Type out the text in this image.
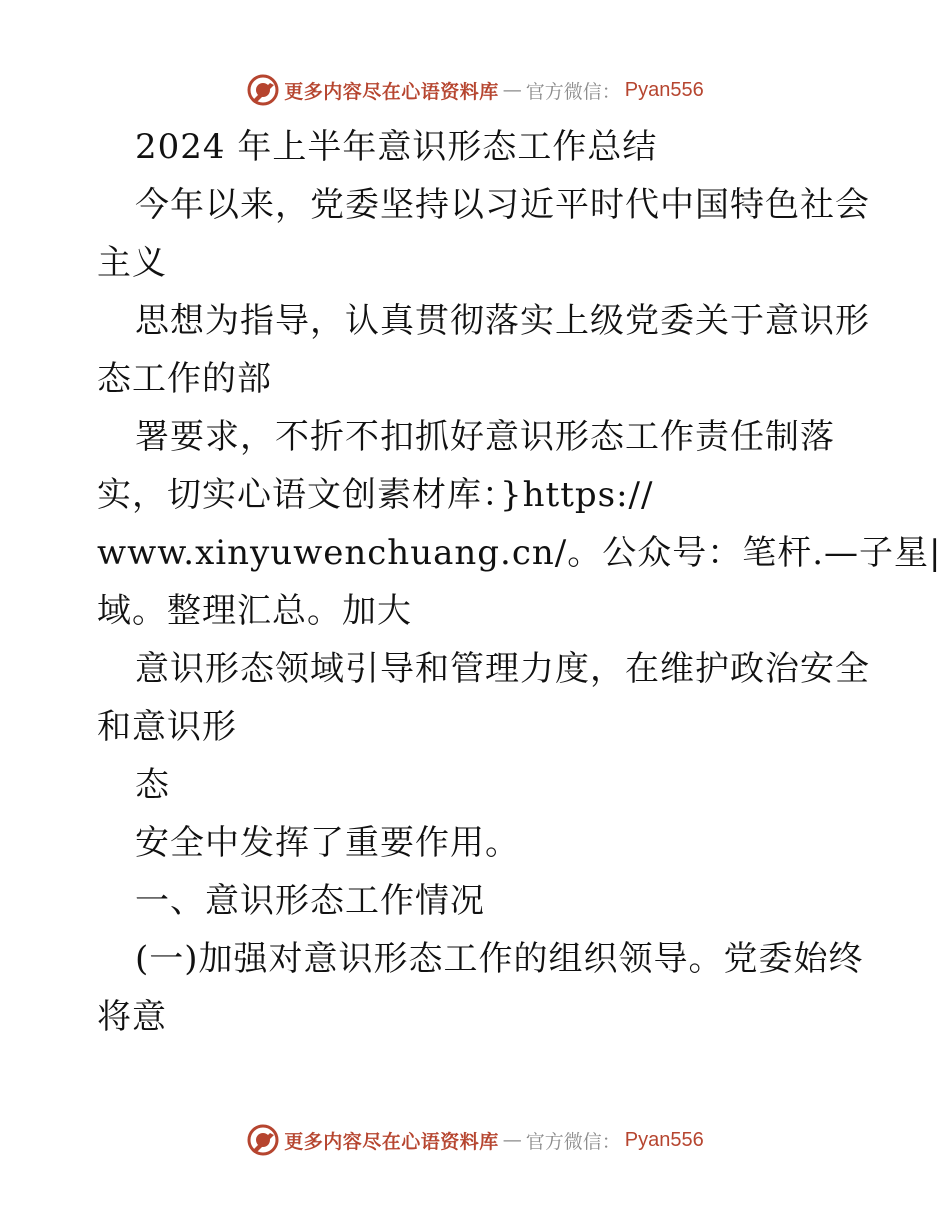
更多内容尽在心语资料库 — 官方微信： Pyan556
2024 年上半年意识形态工作总结
今年以来，党委坚持以习近平时代中国特色社会
主义
思想为指导，认真贯彻落实上级党委关于意识形
态工作的部
署要求，不折不扣抓好意识形态工作责任制落
实，切实心语文创素材库：}https://
www.xinyuwenchuang.cn/。公众号：笔杆.—子星|
域。整理汇总。加大
意识形态领域引导和管理力度，在维护政治安全
和意识形
态
安全中发挥了重要作用。
一、意识形态工作情况
(一)加强对意识形态工作的组织领导。党委始终
将意
更多内容尽在心语资料库 — 官方微信： Pyan556
